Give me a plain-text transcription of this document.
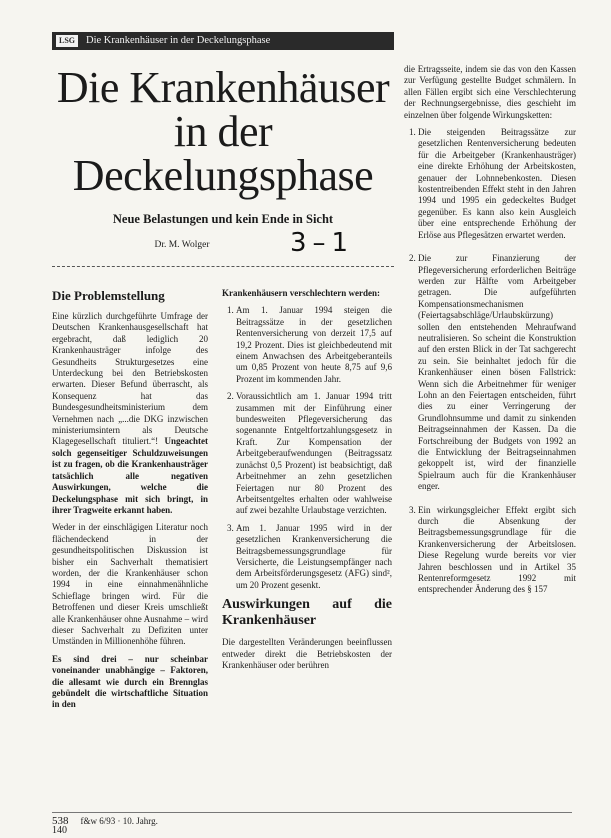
LSG Die Krankenhäuser in der Deckelungsphase
Die Krankenhäuser in der Deckelungsphase
Neue Belastungen und kein Ende in Sicht
Dr. M. Wolger	3–1
Die Problemstellung

Eine kürzlich durchgeführte Umfrage der Deutschen Krankenhausgesellschaft hat ergebracht, daß lediglich 20 Krankenhausträger infolge des Gesundheits Strukturgesetzes eine Unterdeckung bei den Betriebskosten erwarten. Dieser Befund überrascht, als Konsequenz hat das Bundesgesundheitsministerium dem Vernehmen nach „...die DKG inzwischen ministeriumsintern als Deutsche Klagegesellschaft tituliert.“! Ungeachtet solch gegenseitiger Schuldzuweisungen ist zu fragen, ob die Krankenhausträger tatsächlich alle negativen Auswirkungen, welche die Deckelungsphase mit sich bringt, in ihrer Tragweite erkannt haben.

Weder in der einschlägigen Literatur noch flächendeckend in der gesundheitspolitischen Diskussion ist bisher ein Sachverhalt thematisiert worden, der die Krankenhäuser schon 1994 in eine einnahmenähnliche Schieflage bringen wird. Für die Betroffenen und dieser Kreis umschließt alle Krankenhäuser ohne Ausnahme – wird dieser Sachverhalt zu Defiziten unter Umständen in Millionenhöhe führen.

Es sind drei – nur scheinbar voneinander unabhängige – Faktoren, die allesamt wie durch ein Brennglas gebündelt die wirtschaftliche Situation in den

Krankenhäusern verschlechtern werden:

1. Am 1. Januar 1994 steigen die Beitragssätze in der gesetzlichen Rentenversicherung von derzeit 17,5 auf 19,2 Prozent. Dies ist gleichbedeutend mit einem Anwachsen des Arbeitgeberanteils um 0,85 Prozent von heute 8,75 auf 9,6 Prozent im kommenden Jahr.
2. Voraussichtlich am 1. Januar 1994 tritt zusammen mit der Einführung einer bundesweiten Pflegeversicherung das sogenannte Entgeltfortzahlungsgesetz in Kraft. Zur Kompensation der Arbeitgeberaufwendungen (Beitragssatz zunächst 0,5 Prozent) ist beabsichtigt, daß Arbeitnehmer an zehn gesetzlichen Feiertagen nur 80 Prozent des Arbeitsentgeltes erhalten oder wahlweise auf zwei bezahlte Urlaubstage verzichten.
3. Am 1. Januar 1995 wird in der gesetzlichen Krankenversicherung die Beitragsbemessungsgrundlage für Versicherte, die Leistungsempfänger nach dem Arbeitsförderungsgesetz (AFG) sind², um 20 Prozent gesenkt.
Auswirkungen auf die Krankenhäuser

Die dargestellten Veränderungen beeinflussen entweder direkt die Betriebskosten der Krankenhäuser oder berühren

die Ertragsseite, indem sie das von den Kassen zur Verfügung gestellte Budget schmälern. In allen Fällen ergibt sich eine Verschlechterung der Rechnungsergebnisse, dies geschieht im einzelnen über folgende Wirkungsketten:

1. Die steigenden Beitragssätze zur gesetzlichen Rentenversicherung bedeuten für die Arbeitgeber (Krankenhausträger) eine direkte Erhöhung der Arbeitskosten, genauer der Lohnnebenkosten. Diesen kostentreibenden Effekt steht in den Jahren 1994 und 1995 ein gedeckeltes Budget gegenüber. Es kann also kein Ausgleich über eine entsprechende Erhöhung der Erlöse aus Pflegesätzen erwartet werden.
2. Die zur Finanzierung der Pflegeversicherung erforderlichen Beiträge werden zur Hälfte vom Arbeitgeber getragen. Die aufgeführten Kompensationsmechanismen (Feiertagsabschläge/Urlaubskürzung) sollen den entstehenden Mehraufwand neutralisieren. So scheint die Konstruktion auf den ersten Blick in der Tat sachgerecht zu sein. Sie beinhaltet jedoch für die Krankenhäuser einen bösen Fallstrick: Wenn sich die Arbeitnehmer für weniger Lohn an den Feiertagen entscheiden, führt dies zu einer Verringerung der Grundlohnsumme und damit zu sinkenden Beitragseinnahmen der Kassen. Da die Fortschreibung der Budgets von 1992 an die Entwicklung der Beitragseinnahmen gekoppelt ist, wird der finanzielle Spielraum auch für die Krankenhäuser enger.
3. Ein wirkungsgleicher Effekt ergibt sich durch die Absenkung der Beitragsbemessungsgrundlage für die Krankenversicherung der Arbeitslosen. Diese Regelung wurde bereits vor vier Jahren beschlossen und in Artikel 35 Rentenreformgesetz 1992 mit entsprechender Änderung des § 157
538 f&w 6/93 · 10. Jahrg.
140
